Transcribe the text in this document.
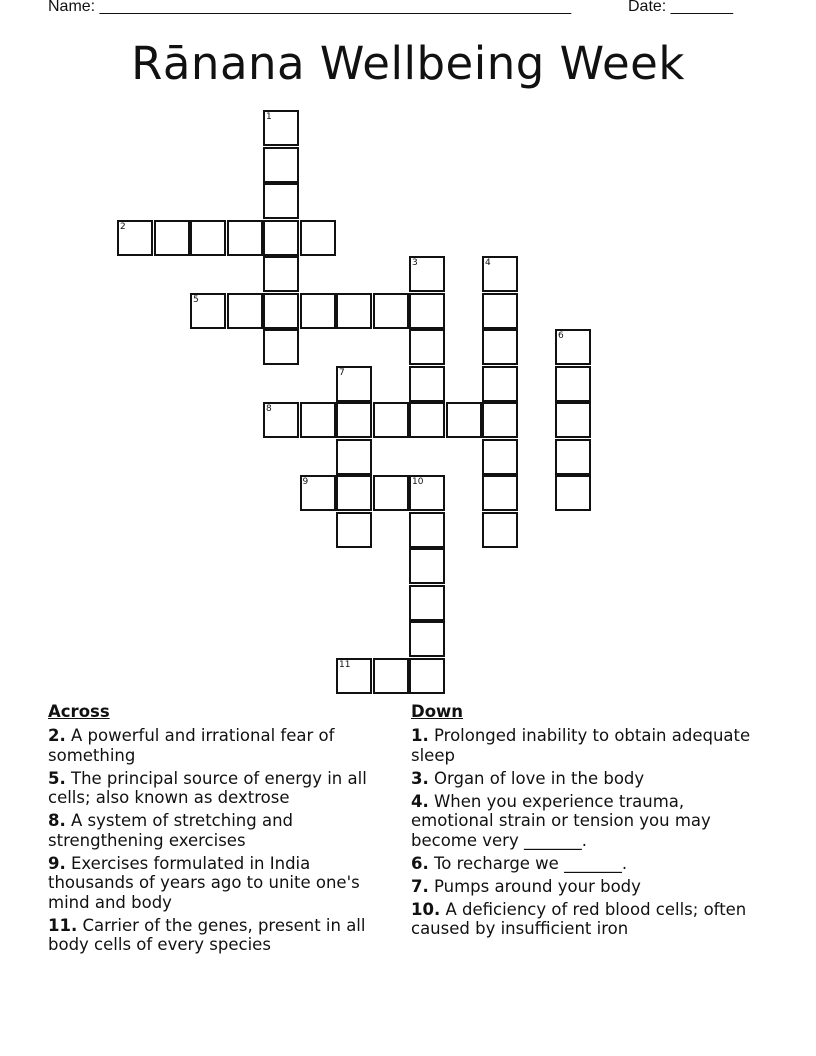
Name: _____________________________________________________	Date: _______
Rānana Wellbeing Week
1
2
3	4
5
6
7
8
9	10
11
Across
2. A powerful and irrational fear of something
5. The principal source of energy in all cells; also known as dextrose
8. A system of stretching and strengthening exercises
9. Exercises formulated in India thousands of years ago to unite one's mind and body
11. Carrier of the genes, present in all body cells of every species
Down
1. Prolonged inability to obtain adequate sleep
3. Organ of love in the body
4. When you experience trauma, emotional strain or tension you may become very _______.
6. To recharge we _______.
7. Pumps around your body
10. A deficiency of red blood cells; often caused by insufficient iron
